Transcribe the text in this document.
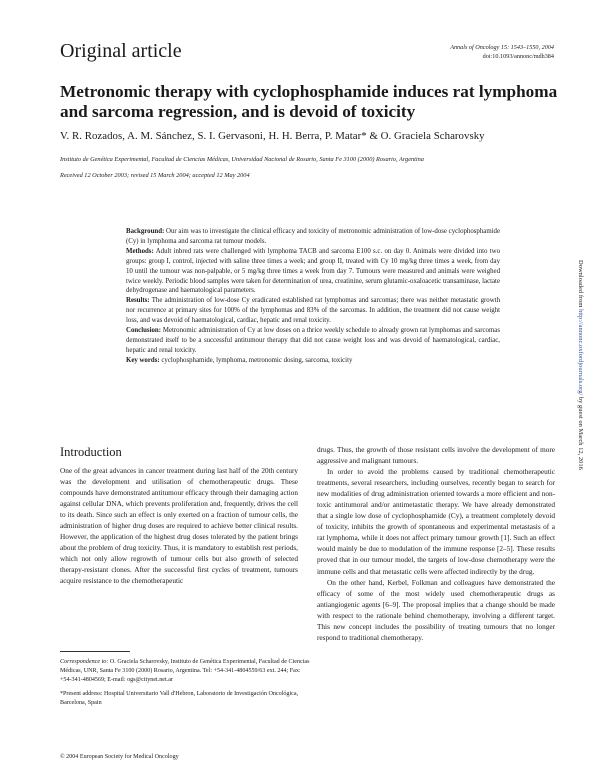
Original article	Annals of Oncology 15: 1543–1550, 2004
doi:10.1093/annonc/mdh384
Metronomic therapy with cyclophosphamide induces rat lymphoma and sarcoma regression, and is devoid of toxicity
V. R. Rozados, A. M. Sánchez, S. I. Gervasoni, H. H. Berra, P. Matar* & O. Graciela Scharovsky
Instituto de Genética Experimental, Facultad de Ciencias Médicas, Universidad Nacional de Rosario, Santa Fe 3100 (2000) Rosario, Argentina
Received 12 October 2003; revised 15 March 2004; accepted 12 May 2004

Background: Our aim was to investigate the clinical efficacy and toxicity of metronomic administration of low-dose cyclophosphamide (Cy) in lymphoma and sarcoma rat tumour models.

Methods: Adult inbred rats were challenged with lymphoma TACB and sarcoma E100 s.c. on day 0. Animals were divided into two groups: group I, control, injected with saline three times a week; and group II, treated with Cy 10 mg/kg three times a week, from day 10 until the tumour was non-palpable, or 5 mg/kg three times a week from day 7. Tumours were measured and animals were weighed twice weekly. Periodic blood samples were taken for determination of urea, creatinine, serum glutamic-oxaloacetic transaminase, lactate dehydrogenase and haematological parameters.

Results: The administration of low-dose Cy eradicated established rat lymphomas and sarcomas; there was neither metastatic growth nor recurrence at primary sites for 100% of the lymphomas and 83% of the sarcomas. In addition, the treatment did not cause weight loss, and was devoid of haematological, cardiac, hepatic and renal toxicity.

Conclusion: Metronomic administration of Cy at low doses on a thrice weekly schedule to already grown rat lymphomas and sarcomas demonstrated itself to be a successful antitumour therapy that did not cause weight loss and was devoid of haematological, cardiac, hepatic and renal toxicity.

Key words: cyclophosphamide, lymphoma, metronomic dosing, sarcoma, toxicity

Downloaded from http://annonc.oxfordjournals.org/ by guest on March 12, 2016
Introduction

One of the great advances in cancer treatment during last half of the 20th century was the development and utilisation of chemotherapeutic drugs. These compounds have demonstrated antitumour efficacy through their damaging action against cellular DNA, which prevents proliferation and, frequently, drives the cell to its death. Since such an effect is only exerted on a fraction of tumour cells, the administration of higher drug doses are required to achieve better clinical results. However, the application of the highest drug doses tolerated by the patient brings about the problem of drug toxicity. Thus, it is mandatory to establish rest periods, which not only allow regrowth of tumour cells but also growth of selected therapy-resistant clones. After the successful first cycles of treatment, tumours acquire resistance to the chemotherapeutic

drugs. Thus, the growth of those resistant cells involve the development of more aggressive and malignant tumours.

In order to avoid the problems caused by traditional chemotherapeutic treatments, several researchers, including ourselves, recently began to search for new modalities of drug administration oriented towards a more efficient and non-toxic antitumoral and/or antimetastatic therapy. We have already demonstrated that a single low dose of cyclophosphamide (Cy), a treatment completely devoid of toxicity, inhibits the growth of spontaneous and experimental metastasis of a rat lymphoma, while it does not affect primary tumour growth [1]. Such an effect would mainly be due to modulation of the immune response [2–5]. These results proved that in our tumour model, the targets of low-dose chemotherapy were the immune cells and that metastatic cells were affected indirectly by the drug.

On the other hand, Kerbel, Folkman and colleagues have demonstrated the efficacy of some of the most widely used chemotherapeutic drugs as antiangiogenic agents [6–9]. The proposal implies that a change should be made with respect to the rationale behind chemotherapy, involving a different target. This new concept includes the possibility of treating tumours that no longer respond to traditional chemotherapy.

Correspondence to: O. Graciela Scharovsky, Instituto de Genética Experimental, Facultad de Ciencias Médicas, UNR, Santa Fe 3100 (2000) Rosario, Argentina. Tel: +54-341-4804559/63 ext. 244; Fax: +54-341-4804569; E-mail: ogs@citynet.net.ar

*Present address: Hospital Universitario Vall d'Hebron, Laboratorio de Investigación Oncológica, Barcelona, Spain

© 2004 European Society for Medical Oncology
